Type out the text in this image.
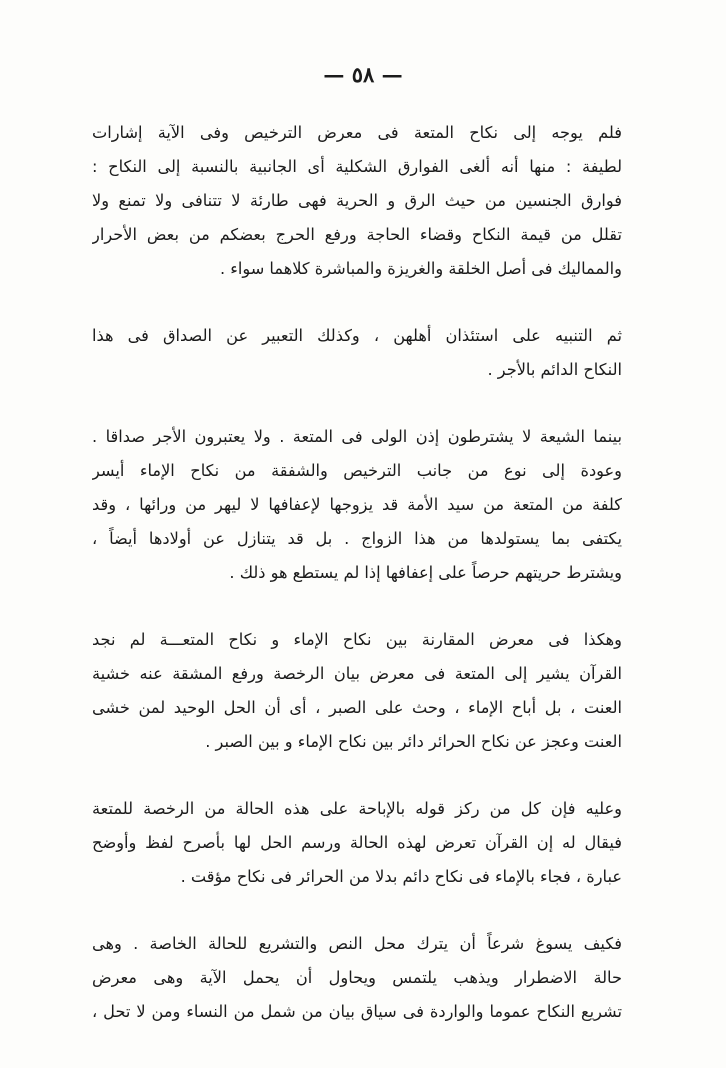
— ٥٨ —
فلم يوجه إلى نكاح المتعة فى معرض الترخيص وفى الآية إشارات
لطيفة : منها أنه ألغى الفوارق الشكلية أى الجانبية بالنسبة إلى النكاح :
فوارق الجنسين من حيث الرق و الحرية فهى طارئة لا تتنافى ولا تمنع ولا
تقلل من قيمة النكاح وقضاء الحاجة ورفع الحرج بعضكم من بعض الأحرار
والمماليك فى أصل الخلقة والغريزة والمباشرة كلاهما سواء .
ثم التنبيه على استئذان أهلهن ، وكذلك التعبير عن الصداق فى هذا
النكاح الدائم بالأجر .
بينما الشيعة لا يشترطون إذن الولى فى المتعة . ولا يعتبرون الأجر صداقا .
وعودة إلى نوع من جانب الترخيص والشفقة من نكاح الإماء أيسر
كلفة من المتعة من سيد الأمة قد يزوجها لإعفافها لا ليهر من ورائها ، وقد
يكتفى بما يستولدها من هذا الزواج . بل قد يتنازل عن أولادها أيضاً ،
ويشترط حريتهم حرصاً على إعفافها إذا لم يستطع هو ذلك .
وهكذا فى معرض المقارنة بين نكاح الإماء و نكاح المتعـــة لم نجد
القرآن يشير إلى المتعة فى معرض بيان الرخصة ورفع المشقة عنه خشية
العنت ، بل أباح الإماء ، وحث على الصبر ، أى أن الحل الوحيد لمن خشى
العنت وعجز عن نكاح الحرائر دائر بين نكاح الإماء و بين الصبر .
وعليه فإن كل من ركز قوله بالإباحة على هذه الحالة من الرخصة للمتعة
فيقال له إن القرآن تعرض لهذه الحالة ورسم الحل لها بأصرح لفظ وأوضح
عبارة ، فجاء بالإماء فى نكاح دائم بدلا من الحرائر فى نكاح مؤقت .
فكيف يسوغ شرعاً أن يترك محل النص والتشريع للحالة الخاصة . وهى
حالة الاضطرار ويذهب يلتمس ويحاول أن يحمل الآية وهى معرض
تشريع النكاح عموما والواردة فى سياق بيان من شمل من النساء ومن لا تحل ،
